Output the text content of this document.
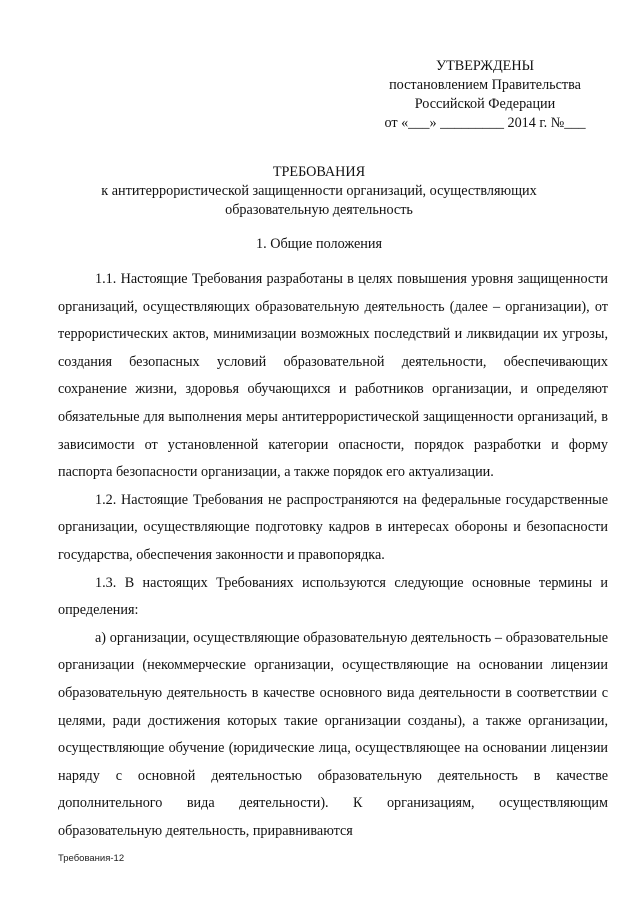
УТВЕРЖДЕНЫ
постановлением Правительства
Российской Федерации
от «___» _________ 2014 г. №___
ТРЕБОВАНИЯ
к антитеррористической защищенности организаций, осуществляющих
образовательную деятельность
1. Общие положения

1.1. Настоящие Требования разработаны в целях повышения уровня защищенности организаций, осуществляющих образовательную деятельность (далее – организации), от террористических актов, минимизации возможных последствий и ликвидации их угрозы, создания безопасных условий образовательной деятельности, обеспечивающих сохранение жизни, здоровья обучающихся и работников организации, и определяют обязательные для выполнения меры антитеррористической защищенности организаций, в зависимости от установленной категории опасности, порядок разработки и форму паспорта безопасности организации, а также порядок его актуализации.

1.2. Настоящие Требования не распространяются на федеральные государственные организации, осуществляющие подготовку кадров в интересах обороны и безопасности государства, обеспечения законности и правопорядка.

1.3. В настоящих Требованиях используются следующие основные термины и определения:

а) организации, осуществляющие образовательную деятельность – образовательные организации (некоммерческие организации, осуществляющие на основании лицензии образовательную деятельность в качестве основного вида деятельности в соответствии с целями, ради достижения которых такие организации созданы), а также организации, осуществляющие обучение (юридические лица, осуществляющее на основании лицензии наряду с основной деятельностью образовательную деятельность в качестве дополнительного вида деятельности). К организациям, осуществляющим образовательную деятельность, приравниваются

Требования-12
